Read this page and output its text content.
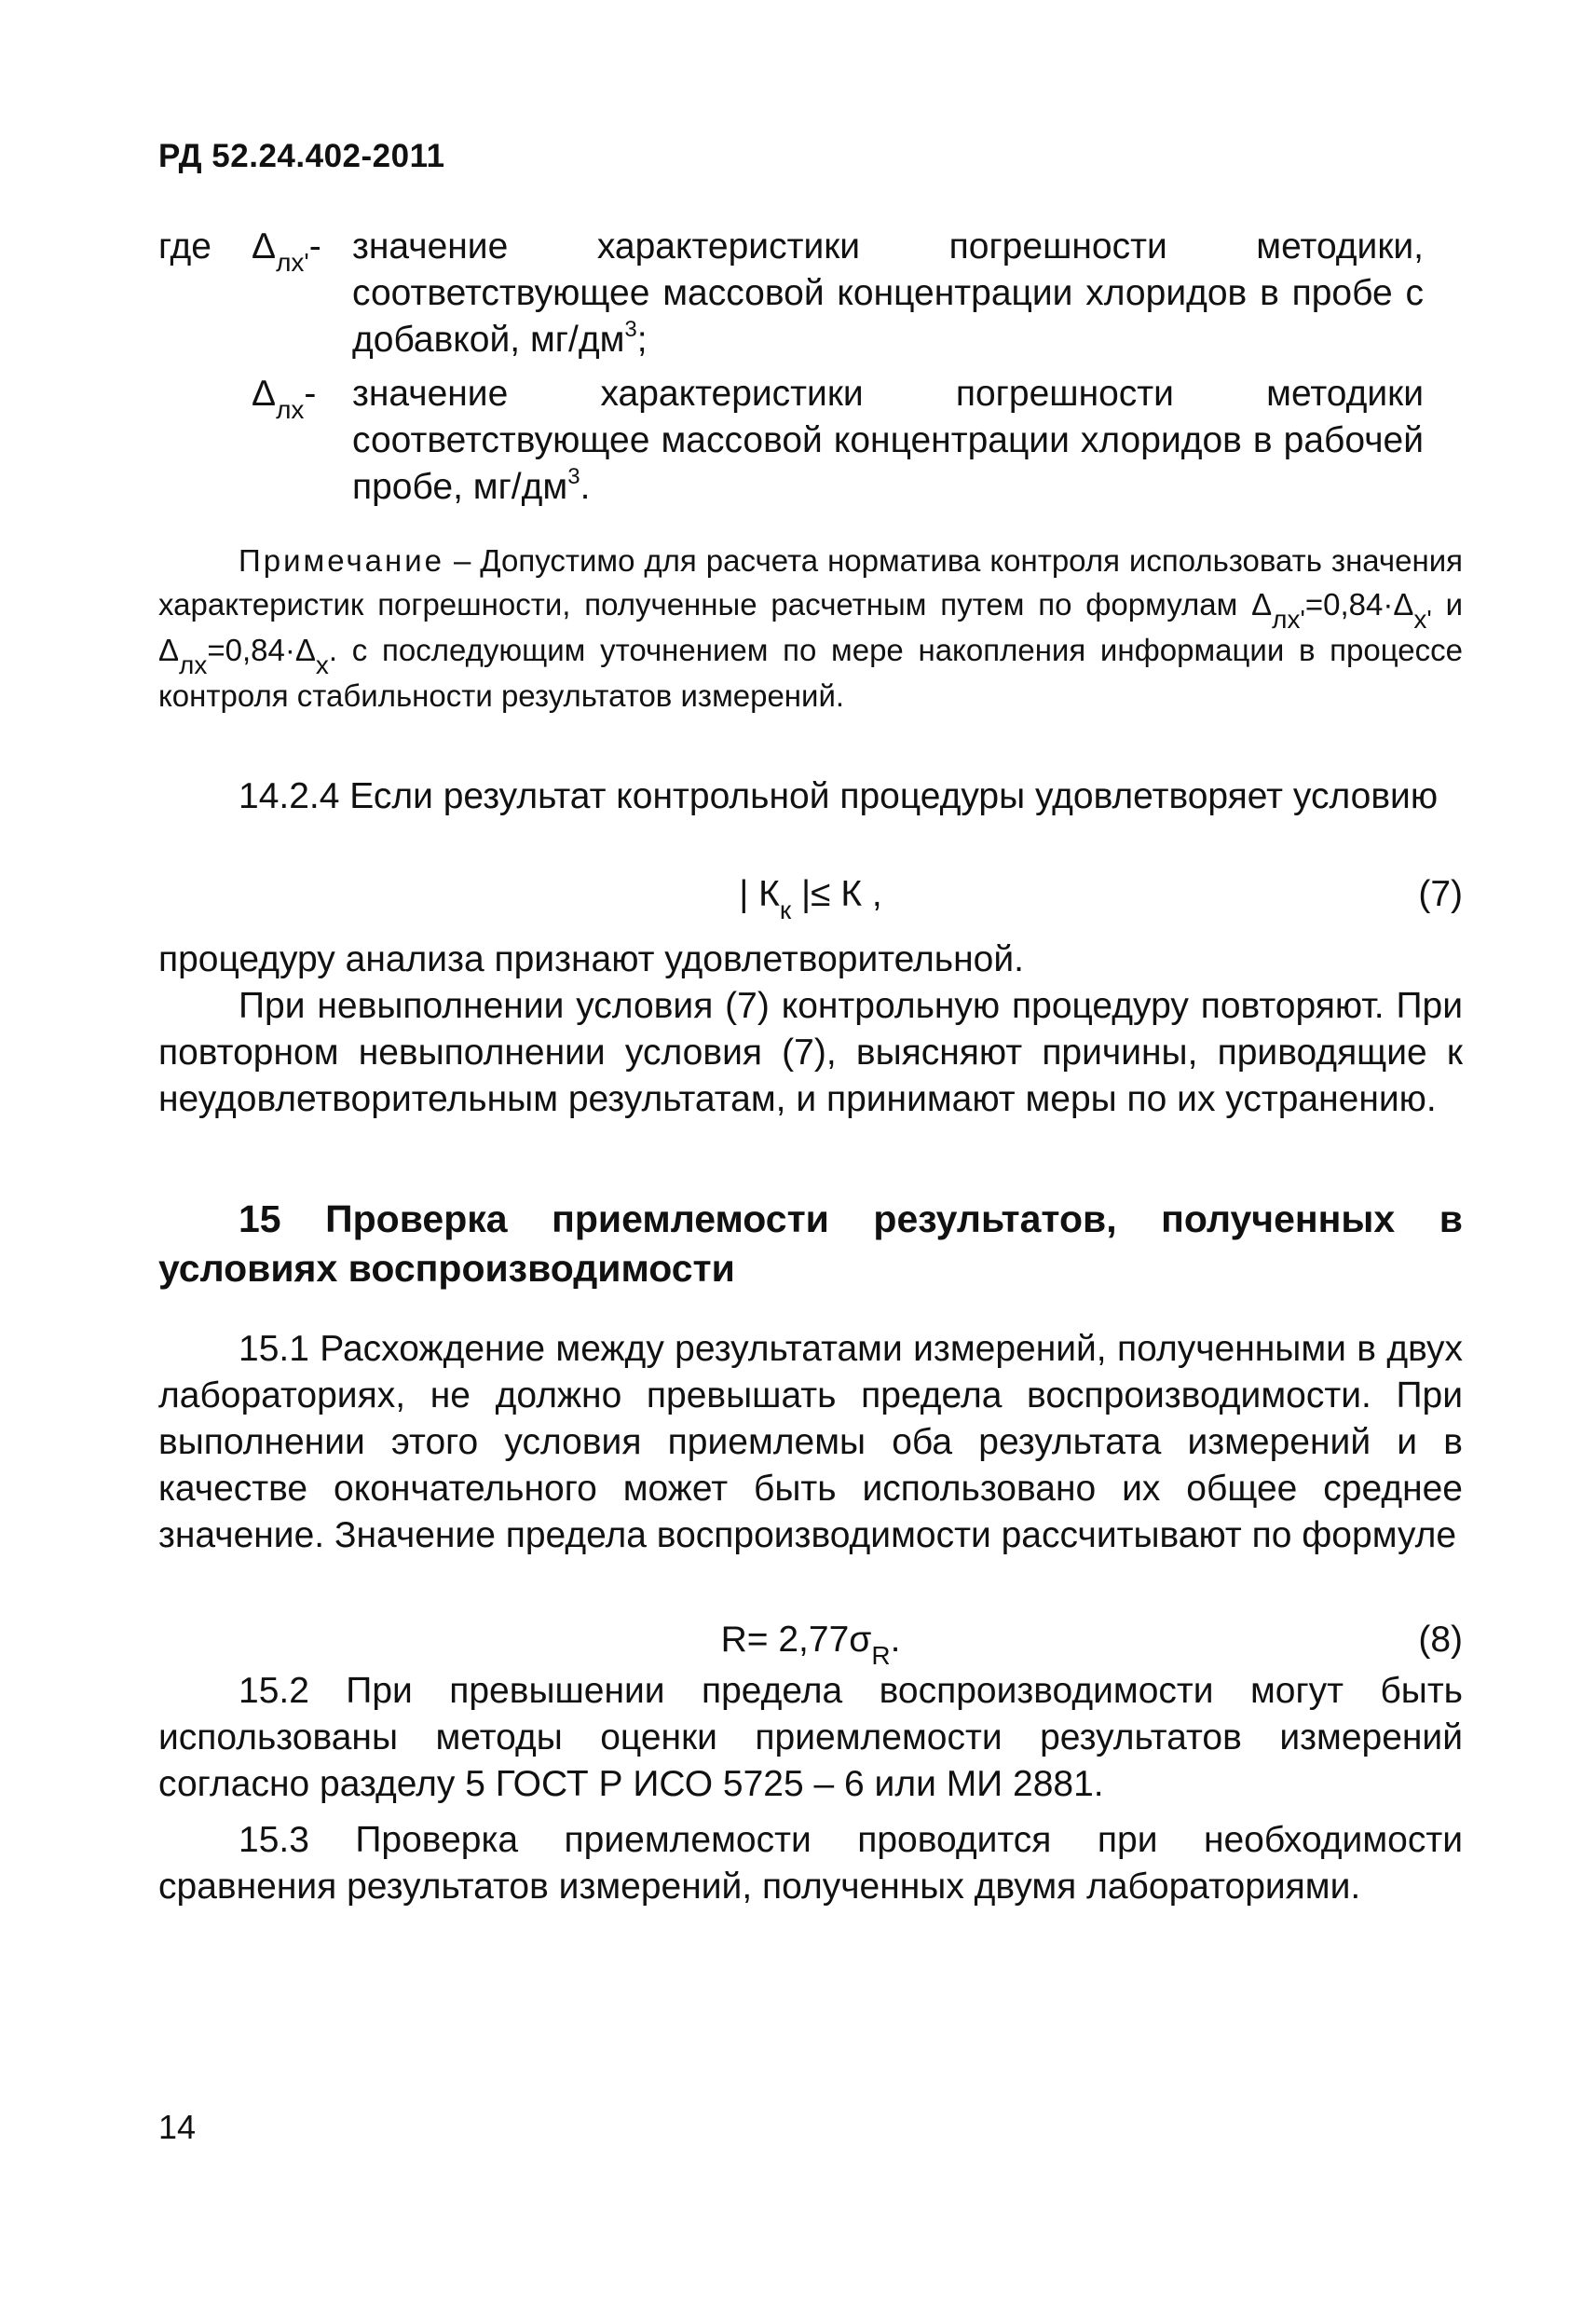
РД 52.24.402-2011
где $\Delta_{лх'}-$ значение характеристики погрешности методики, соответствующее массовой концентрации хлоридов в пробе с добавкой, $мг/дм^3$;
$\Delta_{лх}-$ значение характеристики погрешности методики соответствующее массовой концентрации хлоридов в рабочей пробе, $мг/дм^3$.
Примечание – Допустимо для расчета норматива контроля использовать значения характеристик погрешности, полученные расчетным путем по формулам $\Delta_{лх'}=0,84\cdot\Delta_{х'}$ и $\Delta_{лх}=0,84\cdot\Delta_х$. с последующим уточнением по мере накопления информации в процессе контроля стабильности результатов измерений.
14.2.4 Если результат контрольной процедуры удовлетворяет условию
| $К_к$ |≤ К ,	(7)
процедуру анализа признают удовлетворительной.
При невыполнении условия (7) контрольную процедуру повторяют. При повторном невыполнении условия (7), выясняют причины, приводящие к неудовлетворительным результатам, и принимают меры по их устранению.
15 Проверка приемлемости результатов, полученных в условиях воспроизводимости
15.1 Расхождение между результатами измерений, полученными в двух лабораториях, не должно превышать предела воспроизводимости. При выполнении этого условия приемлемы оба результата измерений и в качестве окончательного может быть использовано их общее среднее значение. Значение предела воспроизводимости рассчитывают по формуле
$R= 2,77\sigma_R$.	(8)
15.2 При превышении предела воспроизводимости могут быть использованы методы оценки приемлемости результатов измерений согласно разделу 5 ГОСТ Р ИСО 5725 – 6 или МИ 2881.
15.3 Проверка приемлемости проводится при необходимости сравнения результатов измерений, полученных двумя лабораториями.
14
